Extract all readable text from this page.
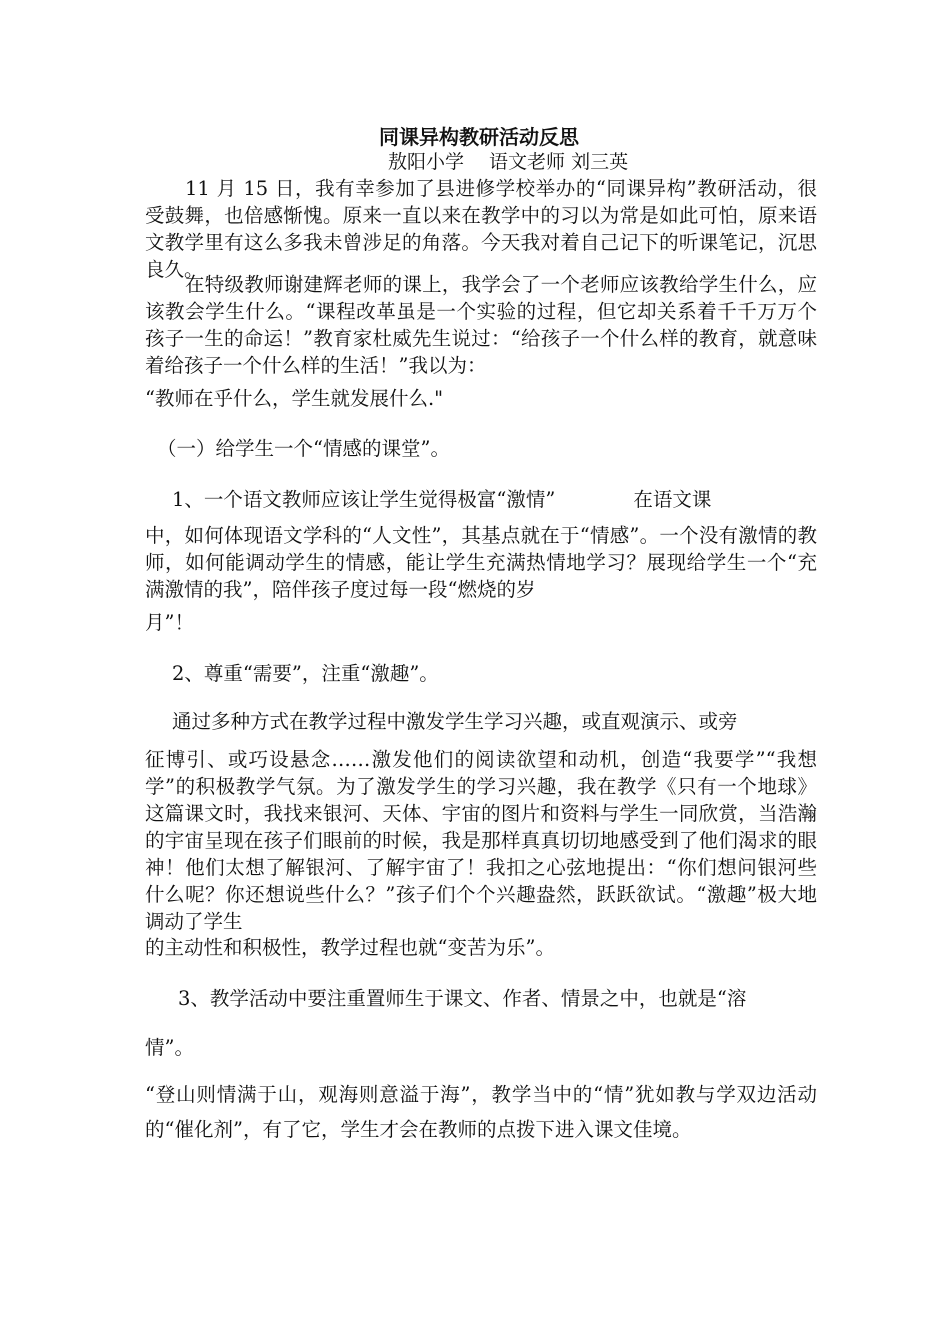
同课异构教研活动反思
敖阳小学　 语文老师 刘三英

11 月 15 日，我有幸参加了县进修学校举办的“同课异构”教研活动，很受鼓舞，也倍感惭愧。原来一直以来在教学中的习以为常是如此可怕，原来语文教学里有这么多我未曾涉足的角落。今天我对着自己记下的听课笔记，沉思良久。

在特级教师谢建辉老师的课上，我学会了一个老师应该教给学生什么，应该教会学生什么。“课程改革虽是一个实验的过程，但它却关系着千千万万个孩子一生的命运！”教育家杜威先生说过：“给孩子一个什么样的教育，就意味着给孩子一个什么样的生活！”我以为：

“教师在乎什么，学生就发展什么."

（一）给学生一个“情感的课堂”。

1、一个语文教师应该让学生觉得极富“激情”　　　　在语文课

中，如何体现语文学科的“人文性”，其基点就在于“情感”。一个没有激情的教师，如何能调动学生的情感，能让学生充满热情地学习？展现给学生一个“充满激情的我”，陪伴孩子度过每一段“燃烧的岁

月”！

2、尊重“需要”，注重“激趣”。

通过多种方式在教学过程中激发学生学习兴趣，或直观演示、或旁

征博引、或巧设悬念……激发他们的阅读欲望和动机，创造“我要学”“我想学”的积极教学气氛。为了激发学生的学习兴趣，我在教学《只有一个地球》这篇课文时，我找来银河、天体、宇宙的图片和资料与学生一同欣赏，当浩瀚的宇宙呈现在孩子们眼前的时候，我是那样真真切切地感受到了他们渴求的眼神！他们太想了解银河、了解宇宙了！我扣之心弦地提出：“你们想问银河些什么呢？你还想说些什么？”孩子们个个兴趣盎然，跃跃欲试。“激趣”极大地调动了学生

的主动性和积极性，教学过程也就“变苦为乐”。

3、教学活动中要注重置师生于课文、作者、情景之中，也就是“溶

情”。

“登山则情满于山，观海则意溢于海”，教学当中的“情”犹如教与学双边活动的“催化剂”，有了它，学生才会在教师的点拨下进入课文佳境。
